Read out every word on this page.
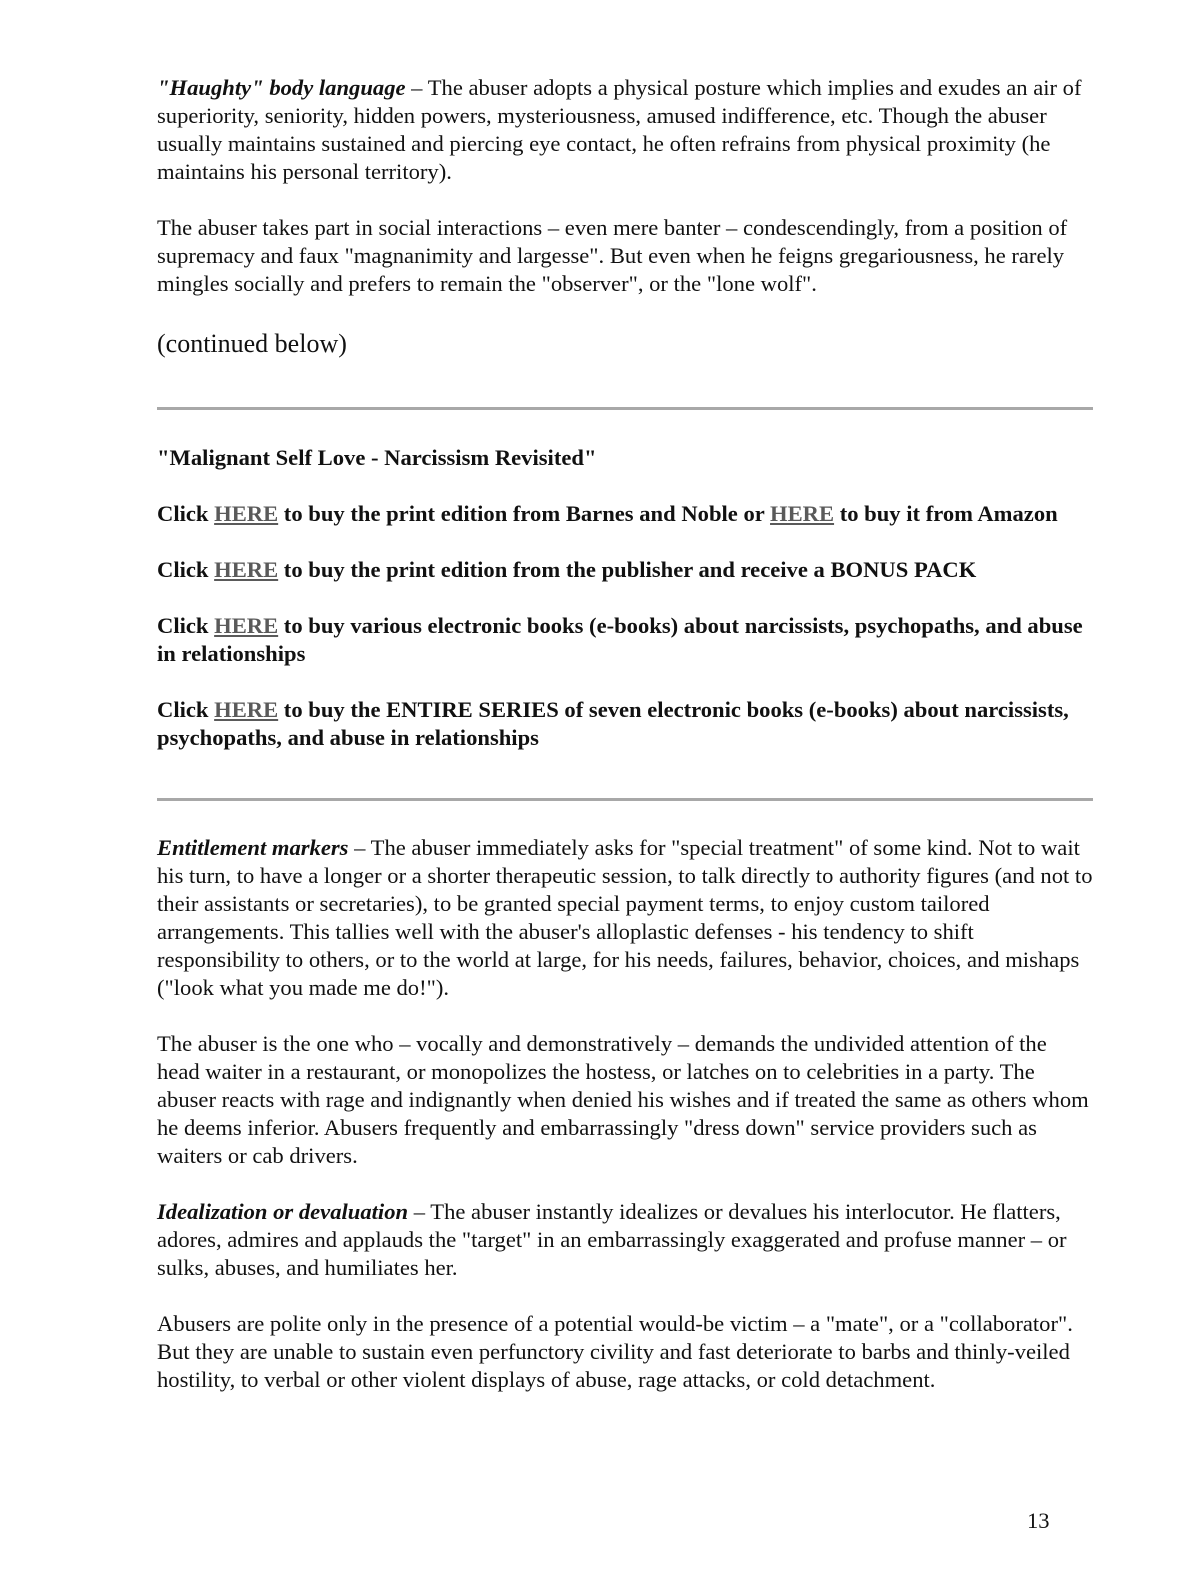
"Haughty" body language – The abuser adopts a physical posture which implies and exudes an air of superiority, seniority, hidden powers, mysteriousness, amused indifference, etc. Though the abuser usually maintains sustained and piercing eye contact, he often refrains from physical proximity (he maintains his personal territory).

The abuser takes part in social interactions – even mere banter – condescendingly, from a position of supremacy and faux "magnanimity and largesse". But even when he feigns gregariousness, he rarely mingles socially and prefers to remain the "observer", or the "lone wolf".

(continued below)

"Malignant Self Love - Narcissism Revisited"

Click HERE to buy the print edition from Barnes and Noble or HERE to buy it from Amazon

Click HERE to buy the print edition from the publisher and receive a BONUS PACK

Click HERE to buy various electronic books (e-books) about narcissists, psychopaths, and abuse in relationships

Click HERE to buy the ENTIRE SERIES of seven electronic books (e-books) about narcissists, psychopaths, and abuse in relationships

Entitlement markers – The abuser immediately asks for "special treatment" of some kind. Not to wait his turn, to have a longer or a shorter therapeutic session, to talk directly to authority figures (and not to their assistants or secretaries), to be granted special payment terms, to enjoy custom tailored arrangements. This tallies well with the abuser's alloplastic defenses - his tendency to shift responsibility to others, or to the world at large, for his needs, failures, behavior, choices, and mishaps ("look what you made me do!").

The abuser is the one who – vocally and demonstratively – demands the undivided attention of the head waiter in a restaurant, or monopolizes the hostess, or latches on to celebrities in a party. The abuser reacts with rage and indignantly when denied his wishes and if treated the same as others whom he deems inferior. Abusers frequently and embarrassingly "dress down" service providers such as waiters or cab drivers.

Idealization or devaluation – The abuser instantly idealizes or devalues his interlocutor. He flatters, adores, admires and applauds the "target" in an embarrassingly exaggerated and profuse manner – or sulks, abuses, and humiliates her.

Abusers are polite only in the presence of a potential would-be victim – a "mate", or a "collaborator". But they are unable to sustain even perfunctory civility and fast deteriorate to barbs and thinly-veiled hostility, to verbal or other violent displays of abuse, rage attacks, or cold detachment.

13
